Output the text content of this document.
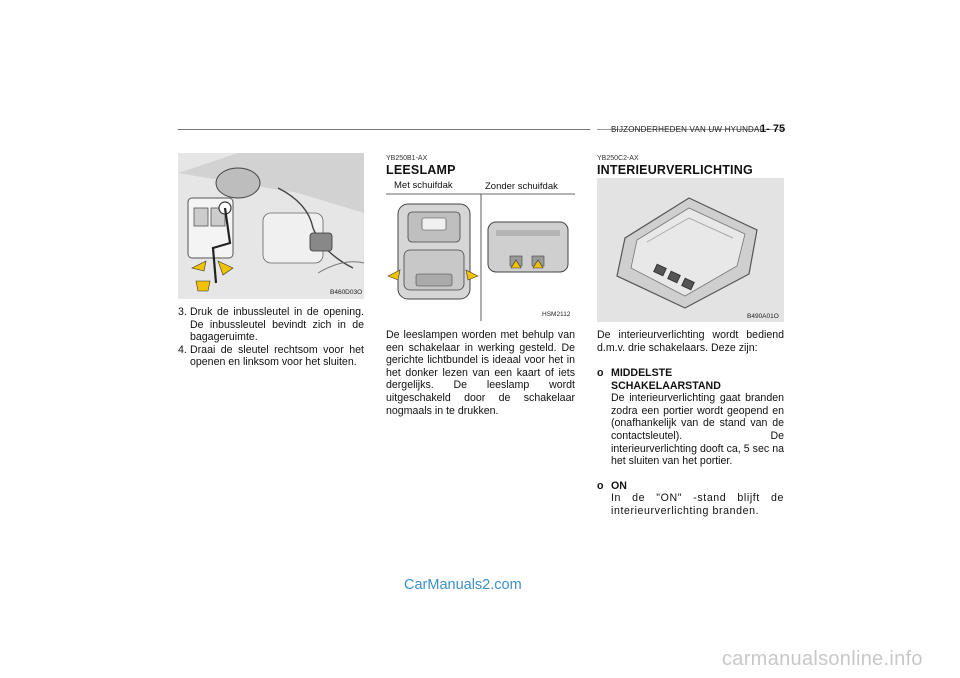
BIJZONDERHEDEN VAN UW HYUNDAI
1- 75
B460D03O
3. Druk de inbussleutel in de opening. De inbussleutel bevindt zich in de bagageruimte.
4. Draai de sleutel rechtsom voor het openen en linksom voor het sluiten.
YB250B1-AX
LEESLAMP
Met schuifdak	Zonder schuifdak
HSM2112
De leeslampen worden met behulp van een schakelaar in werking gesteld. De gerichte lichtbundel is ideaal voor het in het donker lezen van een kaart of iets dergelijks. De leeslamp wordt uitgeschakeld door de schakelaar nogmaals in te drukken.
YB250C2-AX
INTERIEURVERLICHTING
B490A01O
De interieurverlichting wordt bediend d.m.v. drie schakelaars. Deze zijn:
o MIDDELSTE SCHAKELAARSTAND
De interieurverlichting gaat branden zodra een portier wordt geopend en (onafhankelijk van de stand van de contactsleutel). De interieurverlichting dooft ca, 5 sec na het sluiten van het portier.
o ON
In de "ON" -stand blijft de interieurverlichting branden.
CarManuals2.com
carmanualsonline.info
